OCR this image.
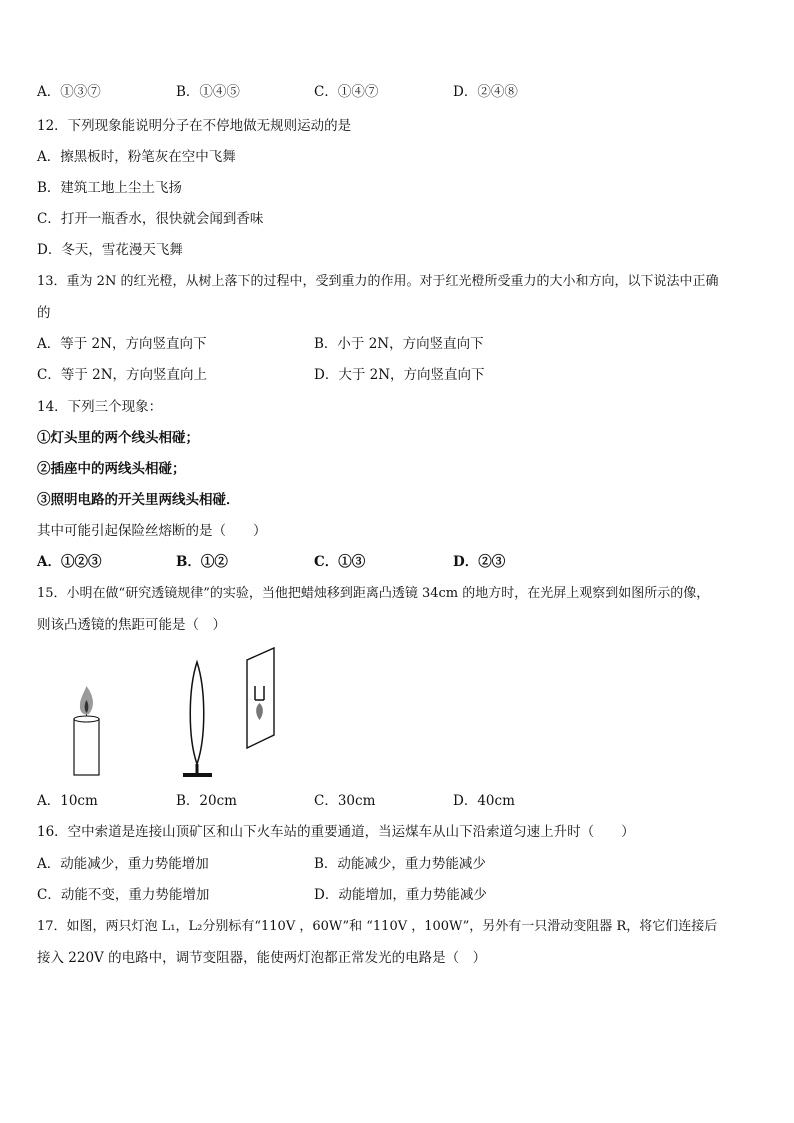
A．①③⑦	B．①④⑤	C．①④⑦	D．②④⑧
12．下列现象能说明分子在不停地做无规则运动的是
A．擦黑板时，粉笔灰在空中飞舞
B．建筑工地上尘土飞扬
C．打开一瓶香水，很快就会闻到香味
D．冬天，雪花漫天飞舞
13．重为 2N 的红光橙，从树上落下的过程中，受到重力的作用。对于红光橙所受重力的大小和方向，以下说法中正确
的
A．等于 2N，方向竖直向下	B．小于 2N，方向竖直向下
C．等于 2N，方向竖直向上	D．大于 2N，方向竖直向下
14．下列三个现象：
①灯头里的两个线头相碰；
②插座中的两线头相碰；
③照明电路的开关里两线头相碰．
其中可能引起保险丝熔断的是（　　）
A．①②③	B．①②	C．①③	D．②③
15．小明在做“研究透镜规律”的实验，当他把蜡烛移到距离凸透镜 34cm 的地方时，在光屏上观察到如图所示的像，
则该凸透镜的焦距可能是（　）
A．10cm	B．20cm	C．30cm	D．40cm
16．空中索道是连接山顶矿区和山下火车站的重要通道，当运煤车从山下沿索道匀速上升时（　　）
A．动能减少，重力势能增加	B．动能减少，重力势能减少
C．动能不变，重力势能增加	D．动能增加，重力势能减少
17．如图，两只灯泡 L₁，L₂分别标有“110V ，60W”和 “110V ，100W”，另外有一只滑动变阻器 R，将它们连接后
接入 220V 的电路中，调节变阻器，能使两灯泡都正常发光的电路是（　）
